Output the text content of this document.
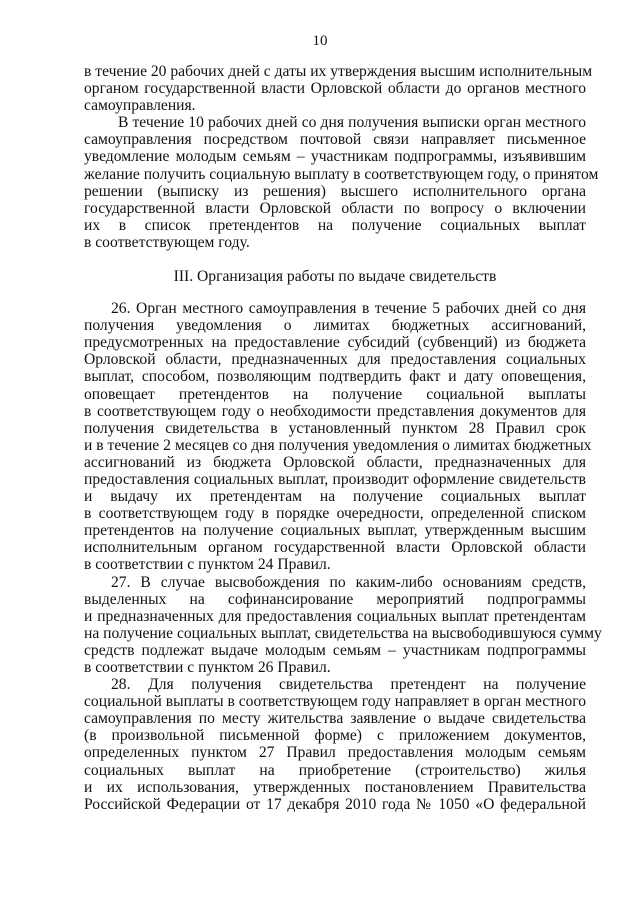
10
в течение 20 рабочих дней с даты их утверждения высшим исполнительным
органом государственной власти Орловской области до органов местного
самоуправления.
В течение 10 рабочих дней со дня получения выписки орган местного
самоуправления посредством почтовой связи направляет письменное
уведомление молодым семьям – участникам подпрограммы, изъявившим
желание получить социальную выплату в соответствующем году, о принятом
решении (выписку из решения) высшего исполнительного органа
государственной власти Орловской области по вопросу о включении
их в список претендентов на получение социальных выплат
в соответствующем году.
III. Организация работы по выдаче свидетельств
26. Орган местного самоуправления в течение 5 рабочих дней со дня
получения уведомления о лимитах бюджетных ассигнований,
предусмотренных на предоставление субсидий (субвенций) из бюджета
Орловской области, предназначенных для предоставления социальных
выплат, способом, позволяющим подтвердить факт и дату оповещения,
оповещает претендентов на получение социальной выплаты
в соответствующем году о необходимости представления документов для
получения свидетельства в установленный пунктом 28 Правил срок
и в течение 2 месяцев со дня получения уведомления о лимитах бюджетных
ассигнований из бюджета Орловской области, предназначенных для
предоставления социальных выплат, производит оформление свидетельств
и выдачу их претендентам на получение социальных выплат
в соответствующем году в порядке очередности, определенной списком
претендентов на получение социальных выплат, утвержденным высшим
исполнительным органом государственной власти Орловской области
в соответствии с пунктом 24 Правил.
27. В случае высвобождения по каким-либо основаниям средств,
выделенных на софинансирование мероприятий подпрограммы
и предназначенных для предоставления социальных выплат претендентам
на получение социальных выплат, свидетельства на высвободившуюся сумму
средств подлежат выдаче молодым семьям – участникам подпрограммы
в соответствии с пунктом 26 Правил.
28. Для получения свидетельства претендент на получение
социальной выплаты в соответствующем году направляет в орган местного
самоуправления по месту жительства заявление о выдаче свидетельства
(в произвольной письменной форме) с приложением документов,
определенных пунктом 27 Правил предоставления молодым семьям
социальных выплат на приобретение (строительство) жилья
и их использования, утвержденных постановлением Правительства
Российской Федерации от 17 декабря 2010 года № 1050 «О федеральной
